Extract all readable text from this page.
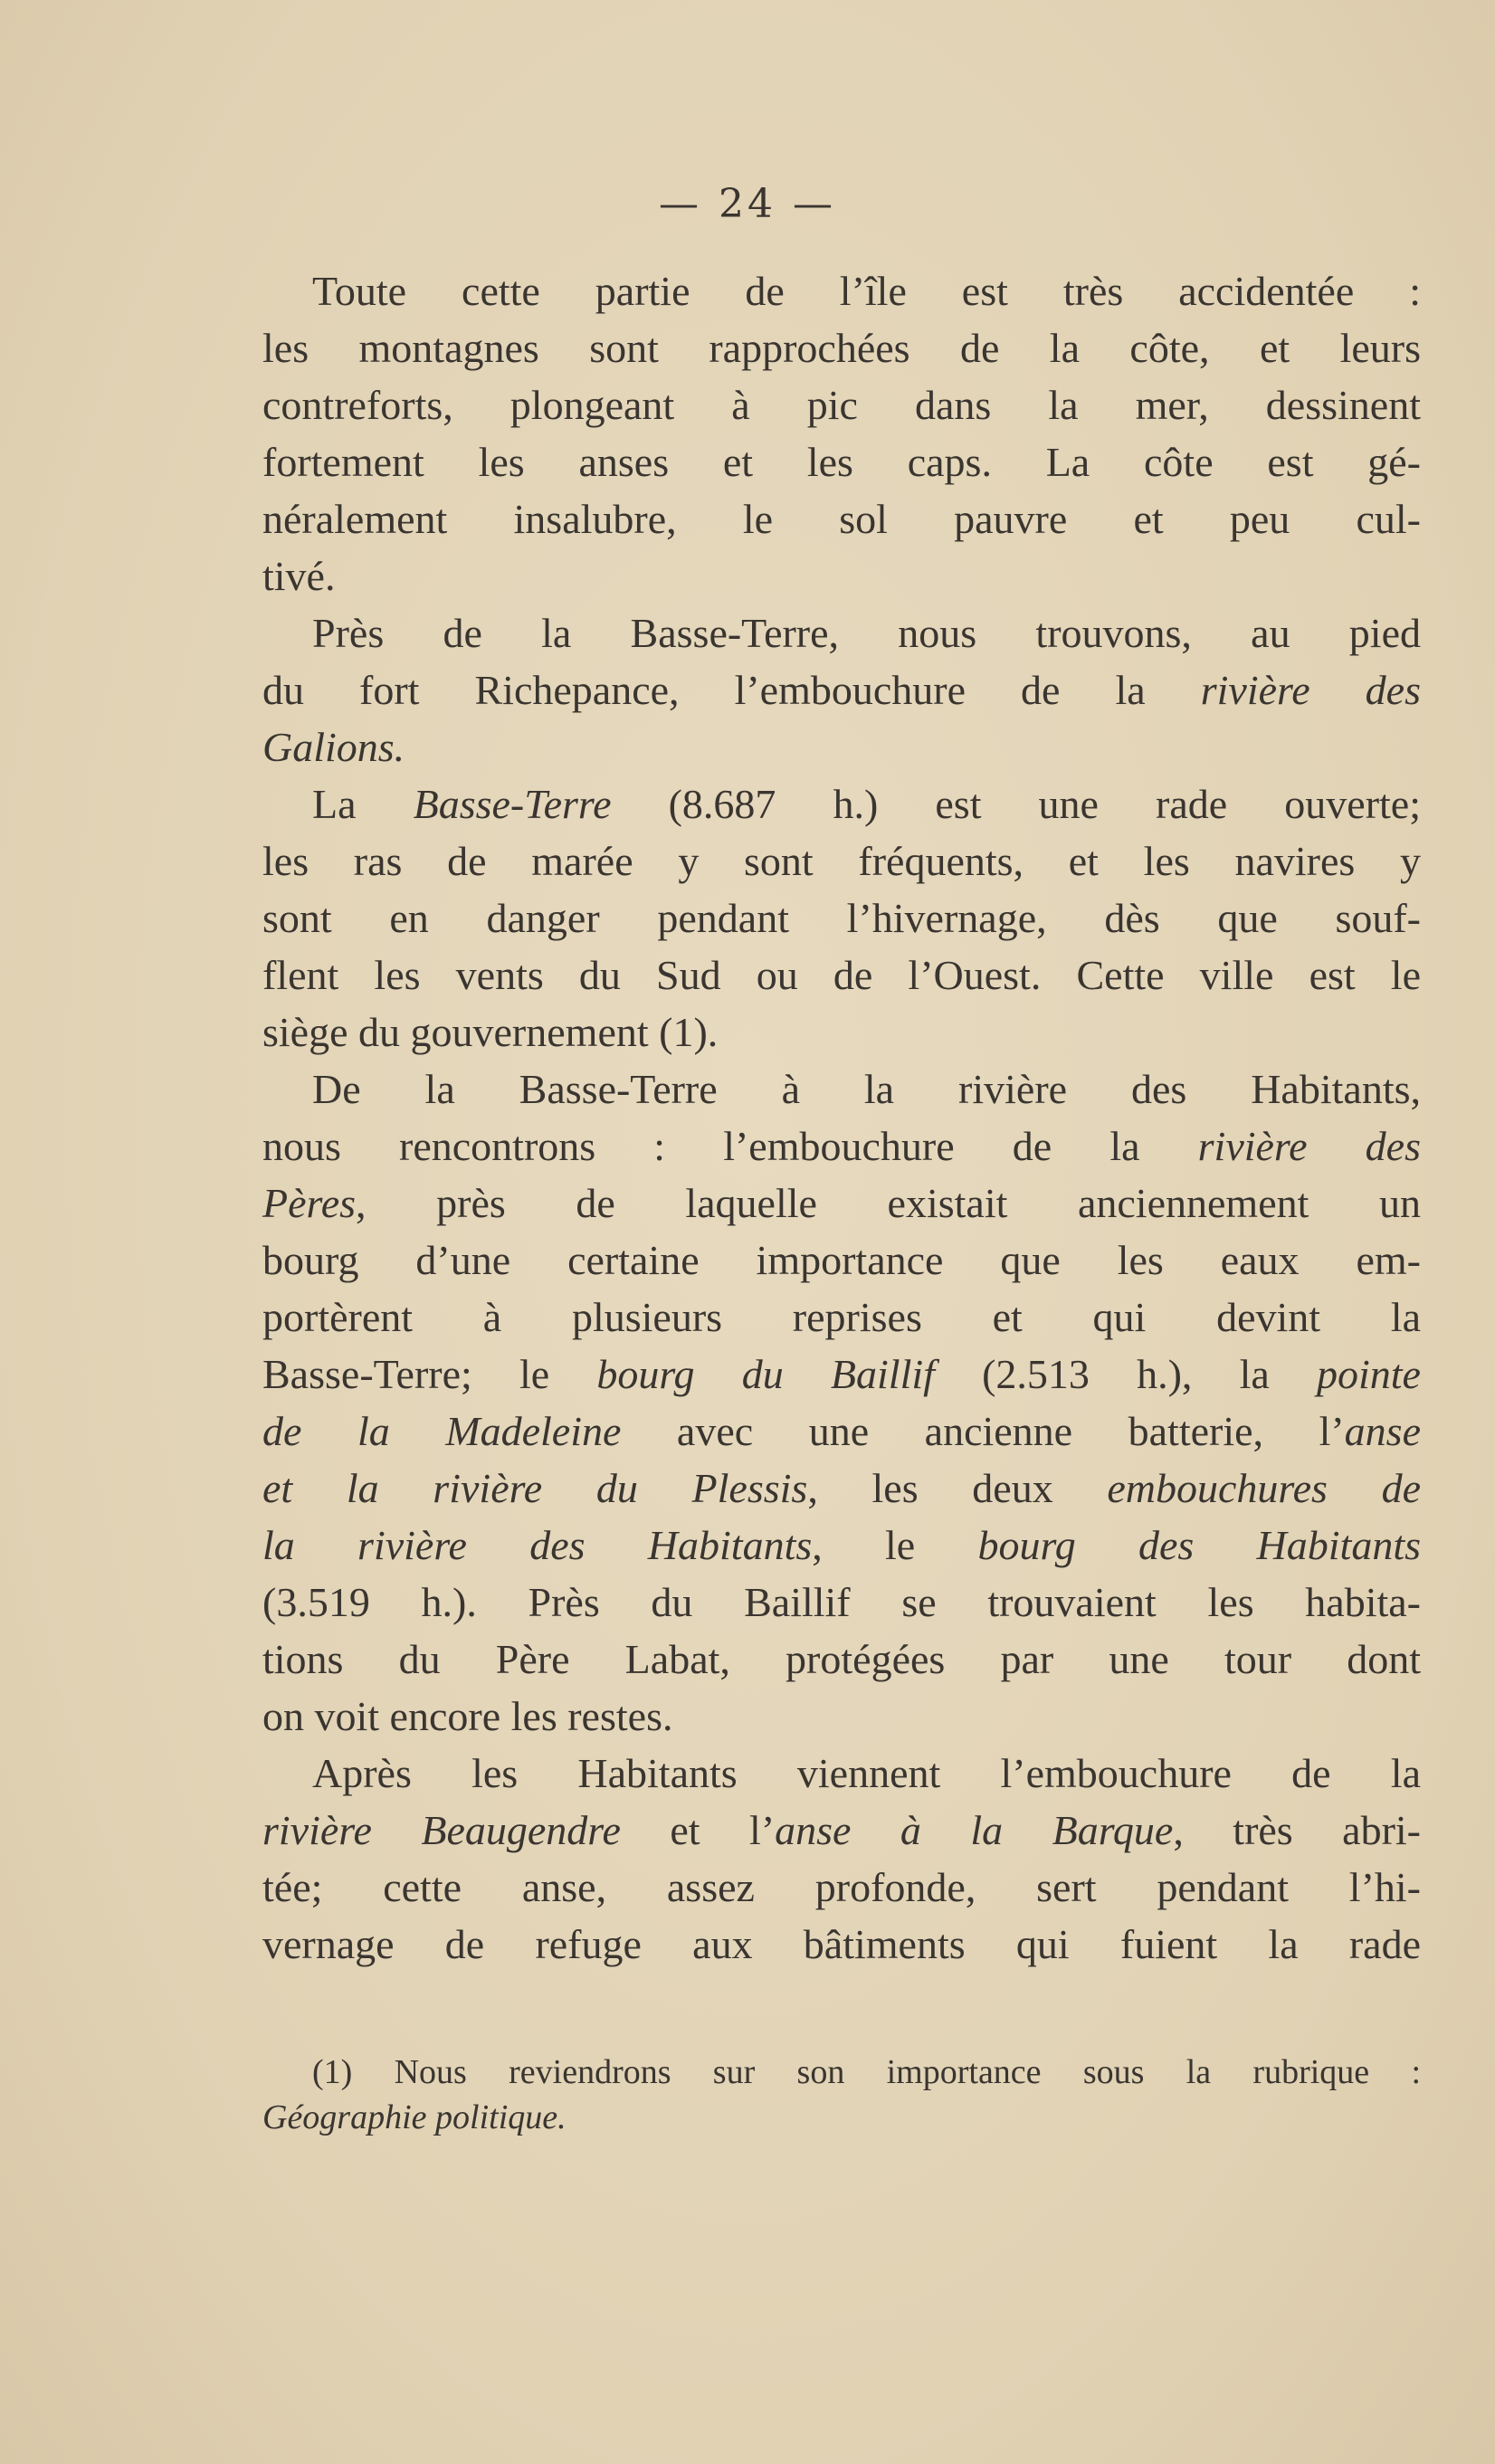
— 24 —
Toute cette partie de l’île est très accidentée :
les montagnes sont rapprochées de la côte, et leurs
contreforts, plongeant à pic dans la mer, dessinent
fortement les anses et les caps. La côte est gé-
néralement insalubre, le sol pauvre et peu cul-
tivé.
Près de la Basse-Terre, nous trouvons, au pied
du fort Richepance, l’embouchure de la rivière des
Galions.
La Basse-Terre (8.687 h.) est une rade ouverte;
les ras de marée y sont fréquents, et les navires y
sont en danger pendant l’hivernage, dès que souf-
flent les vents du Sud ou de l’Ouest. Cette ville est le
siège du gouvernement (1).
De la Basse-Terre à la rivière des Habitants,
nous rencontrons : l’embouchure de la rivière des
Pères, près de laquelle existait anciennement un
bourg d’une certaine importance que les eaux em-
portèrent à plusieurs reprises et qui devint la
Basse-Terre; le bourg du Baillif (2.513 h.), la pointe
de la Madeleine avec une ancienne batterie, l’anse
et la rivière du Plessis, les deux embouchures de
la rivière des Habitants, le bourg des Habitants
(3.519 h.). Près du Baillif se trouvaient les habita-
tions du Père Labat, protégées par une tour dont
on voit encore les restes.
Après les Habitants viennent l’embouchure de la
rivière Beaugendre et l’anse à la Barque, très abri-
tée; cette anse, assez profonde, sert pendant l’hi-
vernage de refuge aux bâtiments qui fuient la rade
(1) Nous reviendrons sur son importance sous la rubrique :
Géographie politique.
